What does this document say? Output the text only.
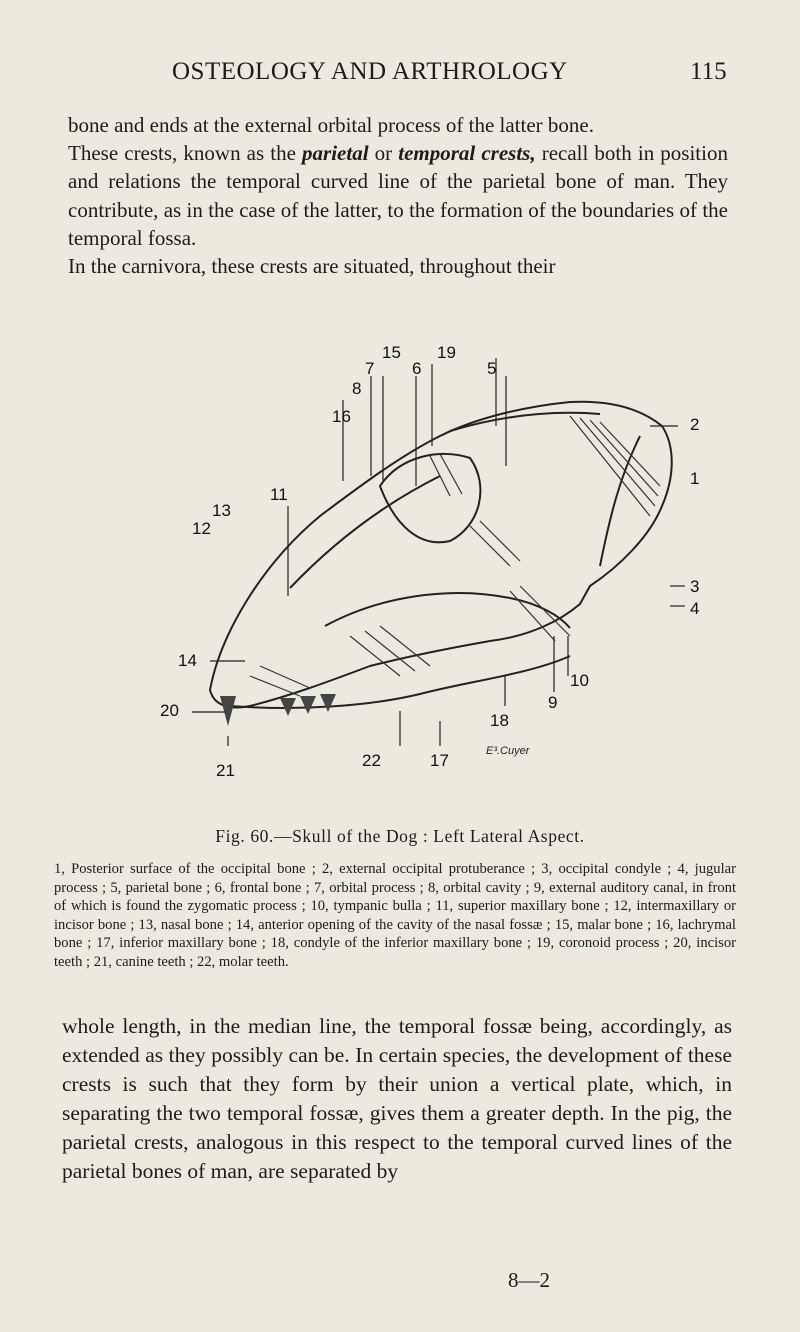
OSTEOLOGY AND ARTHROLOGY	115

bone and ends at the external orbital process of the latter bone.

These crests, known as the parietal or temporal crests, recall both in position and relations the temporal curved line of the parietal bone of man. They contribute, as in the case of the latter, to the formation of the boundaries of the temporal fossa.

In the carnivora, these crests are situated, throughout their

15 19
7 6	5
8
16	2
1
11
13
12
3
4
14
10
20	9
18
22	17
21
E³.Cuyer
Fig. 60.—Skull of the Dog : Left Lateral Aspect.
1, Posterior surface of the occipital bone ; 2, external occipital protuberance ; 3, occipital condyle ; 4, jugular process ; 5, parietal bone ; 6, frontal bone ; 7, orbital process ; 8, orbital cavity ; 9, external auditory canal, in front of which is found the zygomatic process ; 10, tympanic bulla ; 11, superior maxillary bone ; 12, intermaxillary or incisor bone ; 13, nasal bone ; 14, anterior opening of the cavity of the nasal fossæ ; 15, malar bone ; 16, lachrymal bone ; 17, inferior maxillary bone ; 18, condyle of the inferior maxillary bone ; 19, coronoid process ; 20, incisor teeth ; 21, canine teeth ; 22, molar teeth.

whole length, in the median line, the temporal fossæ being, accordingly, as extended as they possibly can be. In certain species, the development of these crests is such that they form by their union a vertical plate, which, in separating the two temporal fossæ, gives them a greater depth. In the pig, the parietal crests, analogous in this respect to the temporal curved lines of the parietal bones of man, are separated by

8—2
